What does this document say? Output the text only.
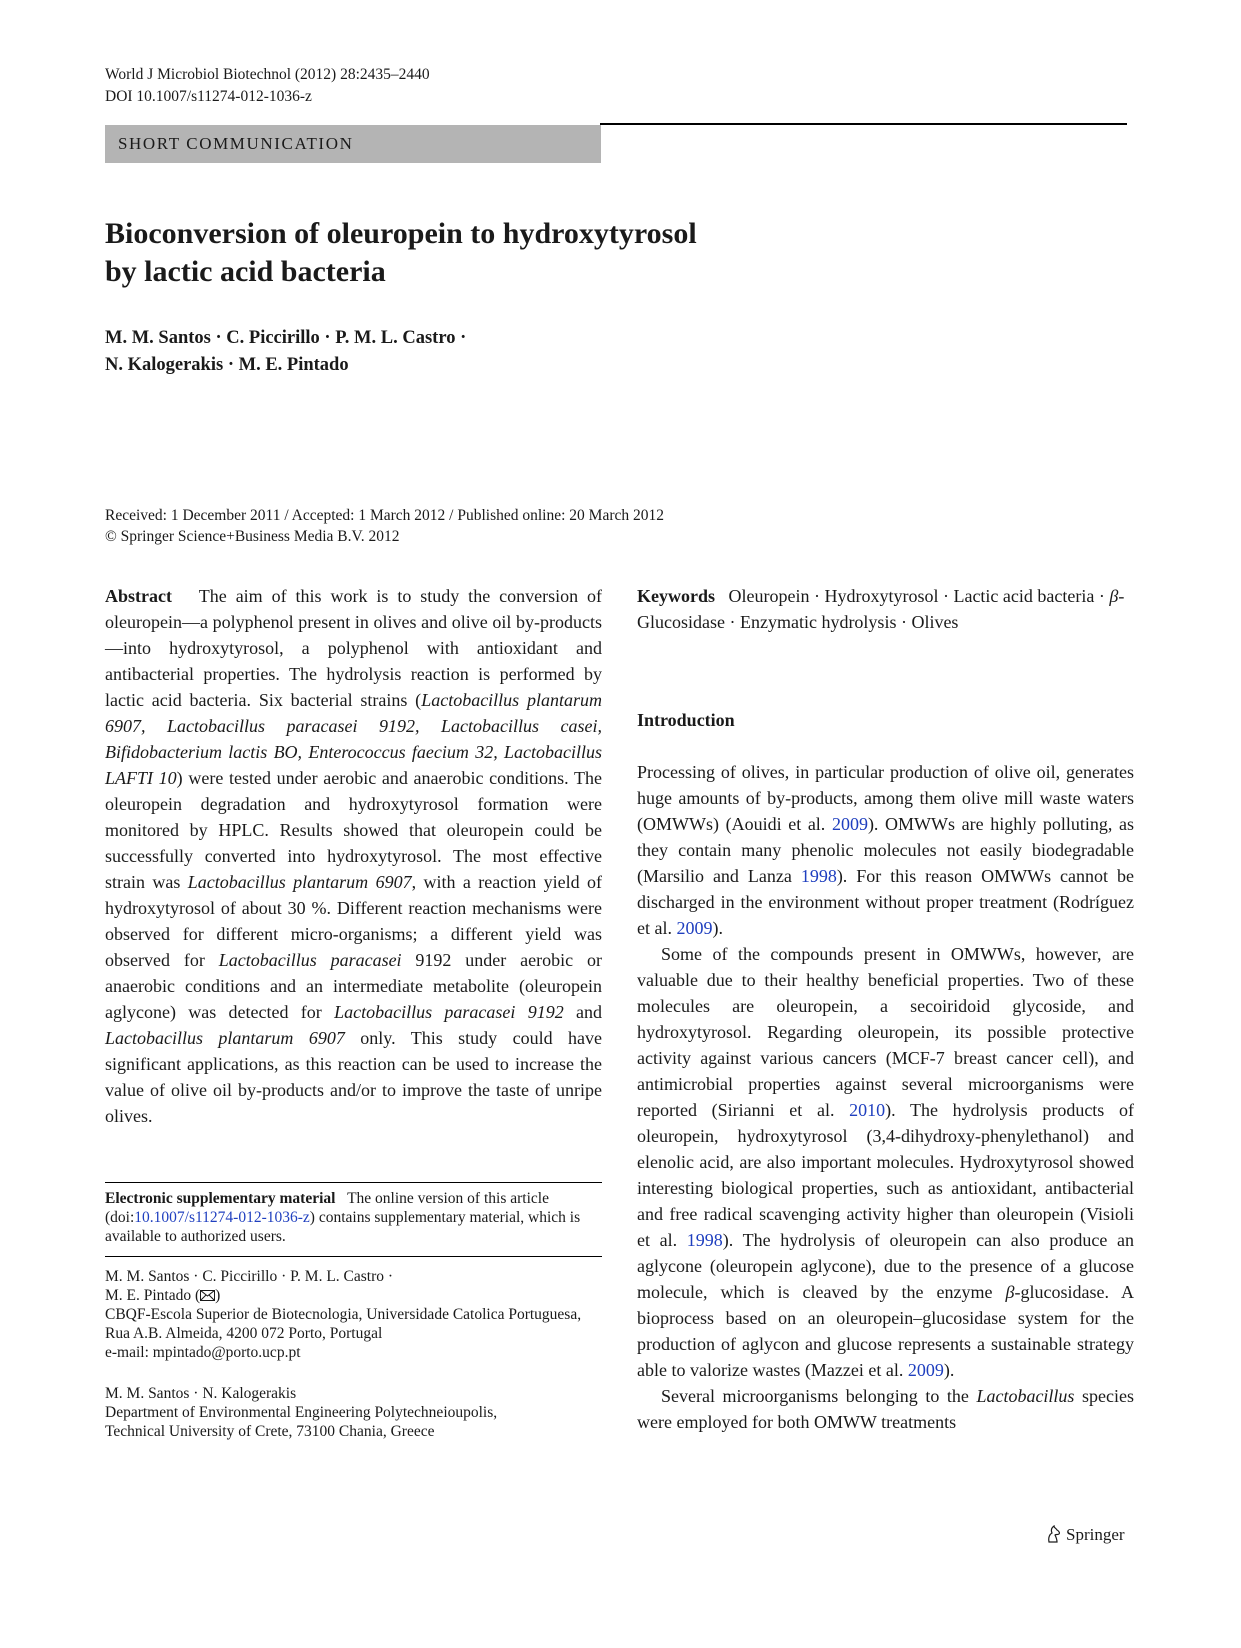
World J Microbiol Biotechnol (2012) 28:2435–2440
DOI 10.1007/s11274-012-1036-z
SHORT COMMUNICATION
Bioconversion of oleuropein to hydroxytyrosol
by lactic acid bacteria
M. M. Santos · C. Piccirillo · P. M. L. Castro ·
N. Kalogerakis · M. E. Pintado
Received: 1 December 2011 / Accepted: 1 March 2012 / Published online: 20 March 2012
© Springer Science+Business Media B.V. 2012

Abstract The aim of this work is to study the conversion of oleuropein—a polyphenol present in olives and olive oil by-products—into hydroxytyrosol, a polyphenol with antioxidant and antibacterial properties. The hydrolysis reaction is performed by lactic acid bacteria. Six bacterial strains (Lactobacillus plantarum 6907, Lactobacillus paracasei 9192, Lactobacillus casei, Bifidobacterium lactis BO, Enterococcus faecium 32, Lactobacillus LAFTI 10) were tested under aerobic and anaerobic conditions. The oleuropein degradation and hydroxytyrosol formation were monitored by HPLC. Results showed that oleuropein could be successfully converted into hydroxytyrosol. The most effective strain was Lactobacillus plantarum 6907, with a reaction yield of hydroxytyrosol of about 30 %. Different reaction mechanisms were observed for different micro-organisms; a different yield was observed for Lactobacillus paracasei 9192 under aerobic or anaerobic conditions and an intermediate metabolite (oleuropein aglycone) was detected for Lactobacillus paracasei 9192 and Lactobacillus plantarum 6907 only. This study could have significant applications, as this reaction can be used to increase the value of olive oil by-products and/or to improve the taste of unripe olives.

Electronic supplementary material The online version of this article (doi:10.1007/s11274-012-1036-z) contains supplementary material, which is available to authorized users.

M. M. Santos · C. Piccirillo · P. M. L. Castro ·

M. E. Pintado ( )

CBQF-Escola Superior de Biotecnologia, Universidade Catolica Portuguesa, Rua A.B. Almeida, 4200 072 Porto, Portugal

e-mail: mpintado@porto.ucp.pt

M. M. Santos · N. Kalogerakis

Department of Environmental Engineering Polytechneioupolis,

Technical University of Crete, 73100 Chania, Greece

Keywords Oleuropein · Hydroxytyrosol · Lactic acid bacteria · β-Glucosidase · Enzymatic hydrolysis · Olives

Introduction

Processing of olives, in particular production of olive oil, generates huge amounts of by-products, among them olive mill waste waters (OMWWs) (Aouidi et al. 2009). OMWWs are highly polluting, as they contain many phenolic molecules not easily biodegradable (Marsilio and Lanza 1998). For this reason OMWWs cannot be discharged in the environment without proper treatment (Rodríguez et al. 2009).

Some of the compounds present in OMWWs, however, are valuable due to their healthy beneficial properties. Two of these molecules are oleuropein, a secoiridoid glycoside, and hydroxytyrosol. Regarding oleuropein, its possible protective activity against various cancers (MCF-7 breast cancer cell), and antimicrobial properties against several microorganisms were reported (Sirianni et al. 2010). The hydrolysis products of oleuropein, hydroxytyrosol (3,4-dihydroxy-phenylethanol) and elenolic acid, are also important molecules. Hydroxytyrosol showed interesting biological properties, such as antioxidant, antibacterial and free radical scavenging activity higher than oleuropein (Visioli et al. 1998). The hydrolysis of oleuropein can also produce an aglycone (oleuropein aglycone), due to the presence of a glucose molecule, which is cleaved by the enzyme β-glucosidase. A bioprocess based on an oleuropein–glucosidase system for the production of aglycon and glucose represents a sustainable strategy able to valorize wastes (Mazzei et al. 2009).

Several microorganisms belonging to the Lactobacillus species were employed for both OMWW treatments

Springer
